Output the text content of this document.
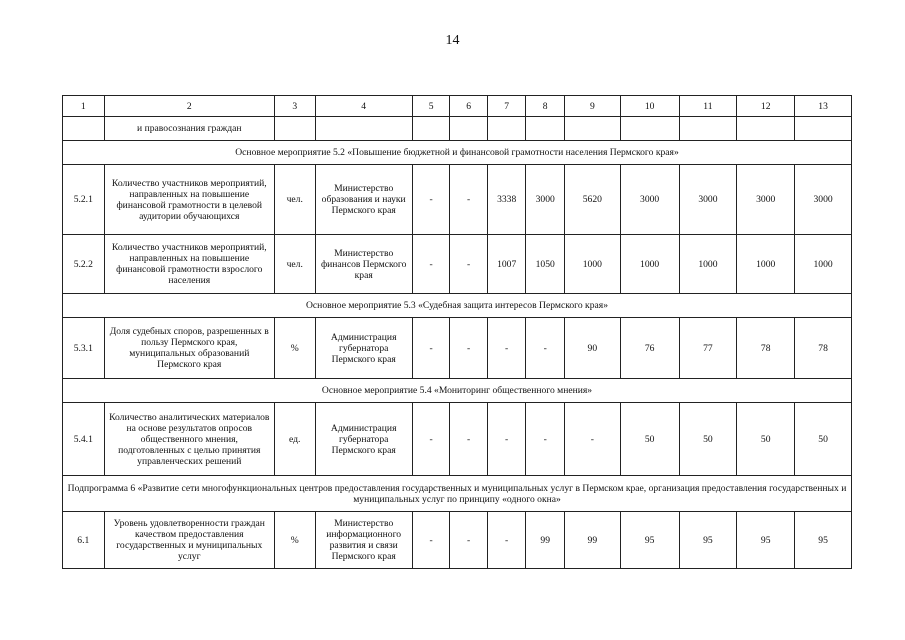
14
1	2	3	4	5	6	7	8	9	10	11	12	13
	и правосознания граждан											
Основное мероприятие 5.2 «Повышение бюджетной и финансовой грамотности населения Пермского края»												
5.2.1	Количество участников мероприятий, направленных на повышение финансовой грамотности в целевой аудитории обучающихся	чел.	Министерство образования и науки Пермского края	-	-	3338	3000	5620	3000	3000	3000	3000
5.2.2	Количество участников мероприятий, направленных на повышение финансовой грамотности взрослого населения	чел.	Министерство финансов Пермского края	-	-	1007	1050	1000	1000	1000	1000	1000
Основное мероприятие 5.3 «Судебная защита интересов Пермского края»												
5.3.1	Доля судебных споров, разрешенных в пользу Пермского края, муниципальных образований Пермского края	%	Администрация губернатора Пермского края	-	-	-	-	90	76	77	78	78
Основное мероприятие 5.4 «Мониторинг общественного мнения»												
5.4.1	Количество аналитических материалов на основе результатов опросов общественного мнения, подготовленных с целью принятия управленческих решений	ед.	Администрация губернатора Пермского края	-	-	-	-	-	50	50	50	50
Подпрограмма 6 «Развитие сети многофункциональных центров предоставления государственных и муниципальных услуг в Пермском крае, организация предоставления государственных и муниципальных услуг по принципу «одного окна»												
6.1	Уровень удовлетворенности граждан качеством предоставления государственных и муниципальных услуг	%	Министерство информационного развития и связи Пермского края	-	-	-	99	99	95	95	95	95
